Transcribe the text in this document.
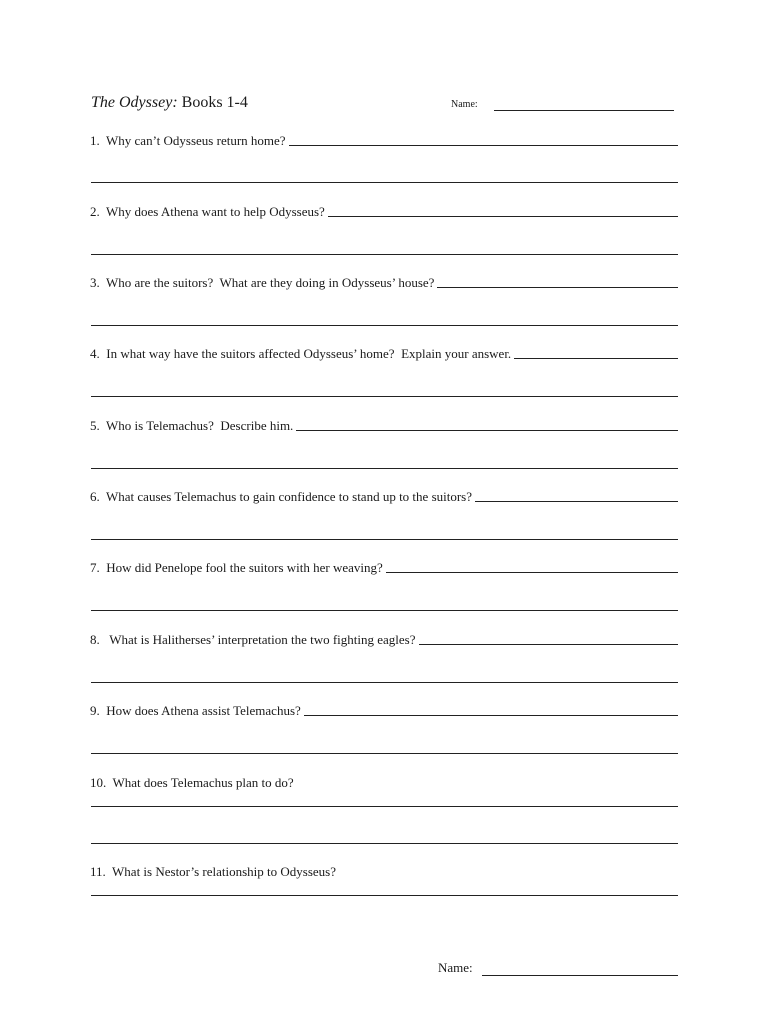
The Odyssey: Books 1-4	Name:
1.  Why can’t Odysseus return home?
2.  Why does Athena want to help Odysseus?
3.  Who are the suitors?  What are they doing in Odysseus’ house?
4.  In what way have the suitors affected Odysseus’ home?  Explain your answer.
5.  Who is Telemachus?  Describe him.
6.  What causes Telemachus to gain confidence to stand up to the suitors?
7.  How did Penelope fool the suitors with her weaving?
8.   What is Halitherses’ interpretation the two fighting eagles?
9.  How does Athena assist Telemachus?
10.  What does Telemachus plan to do?
11.  What is Nestor’s relationship to Odysseus?
Name:
